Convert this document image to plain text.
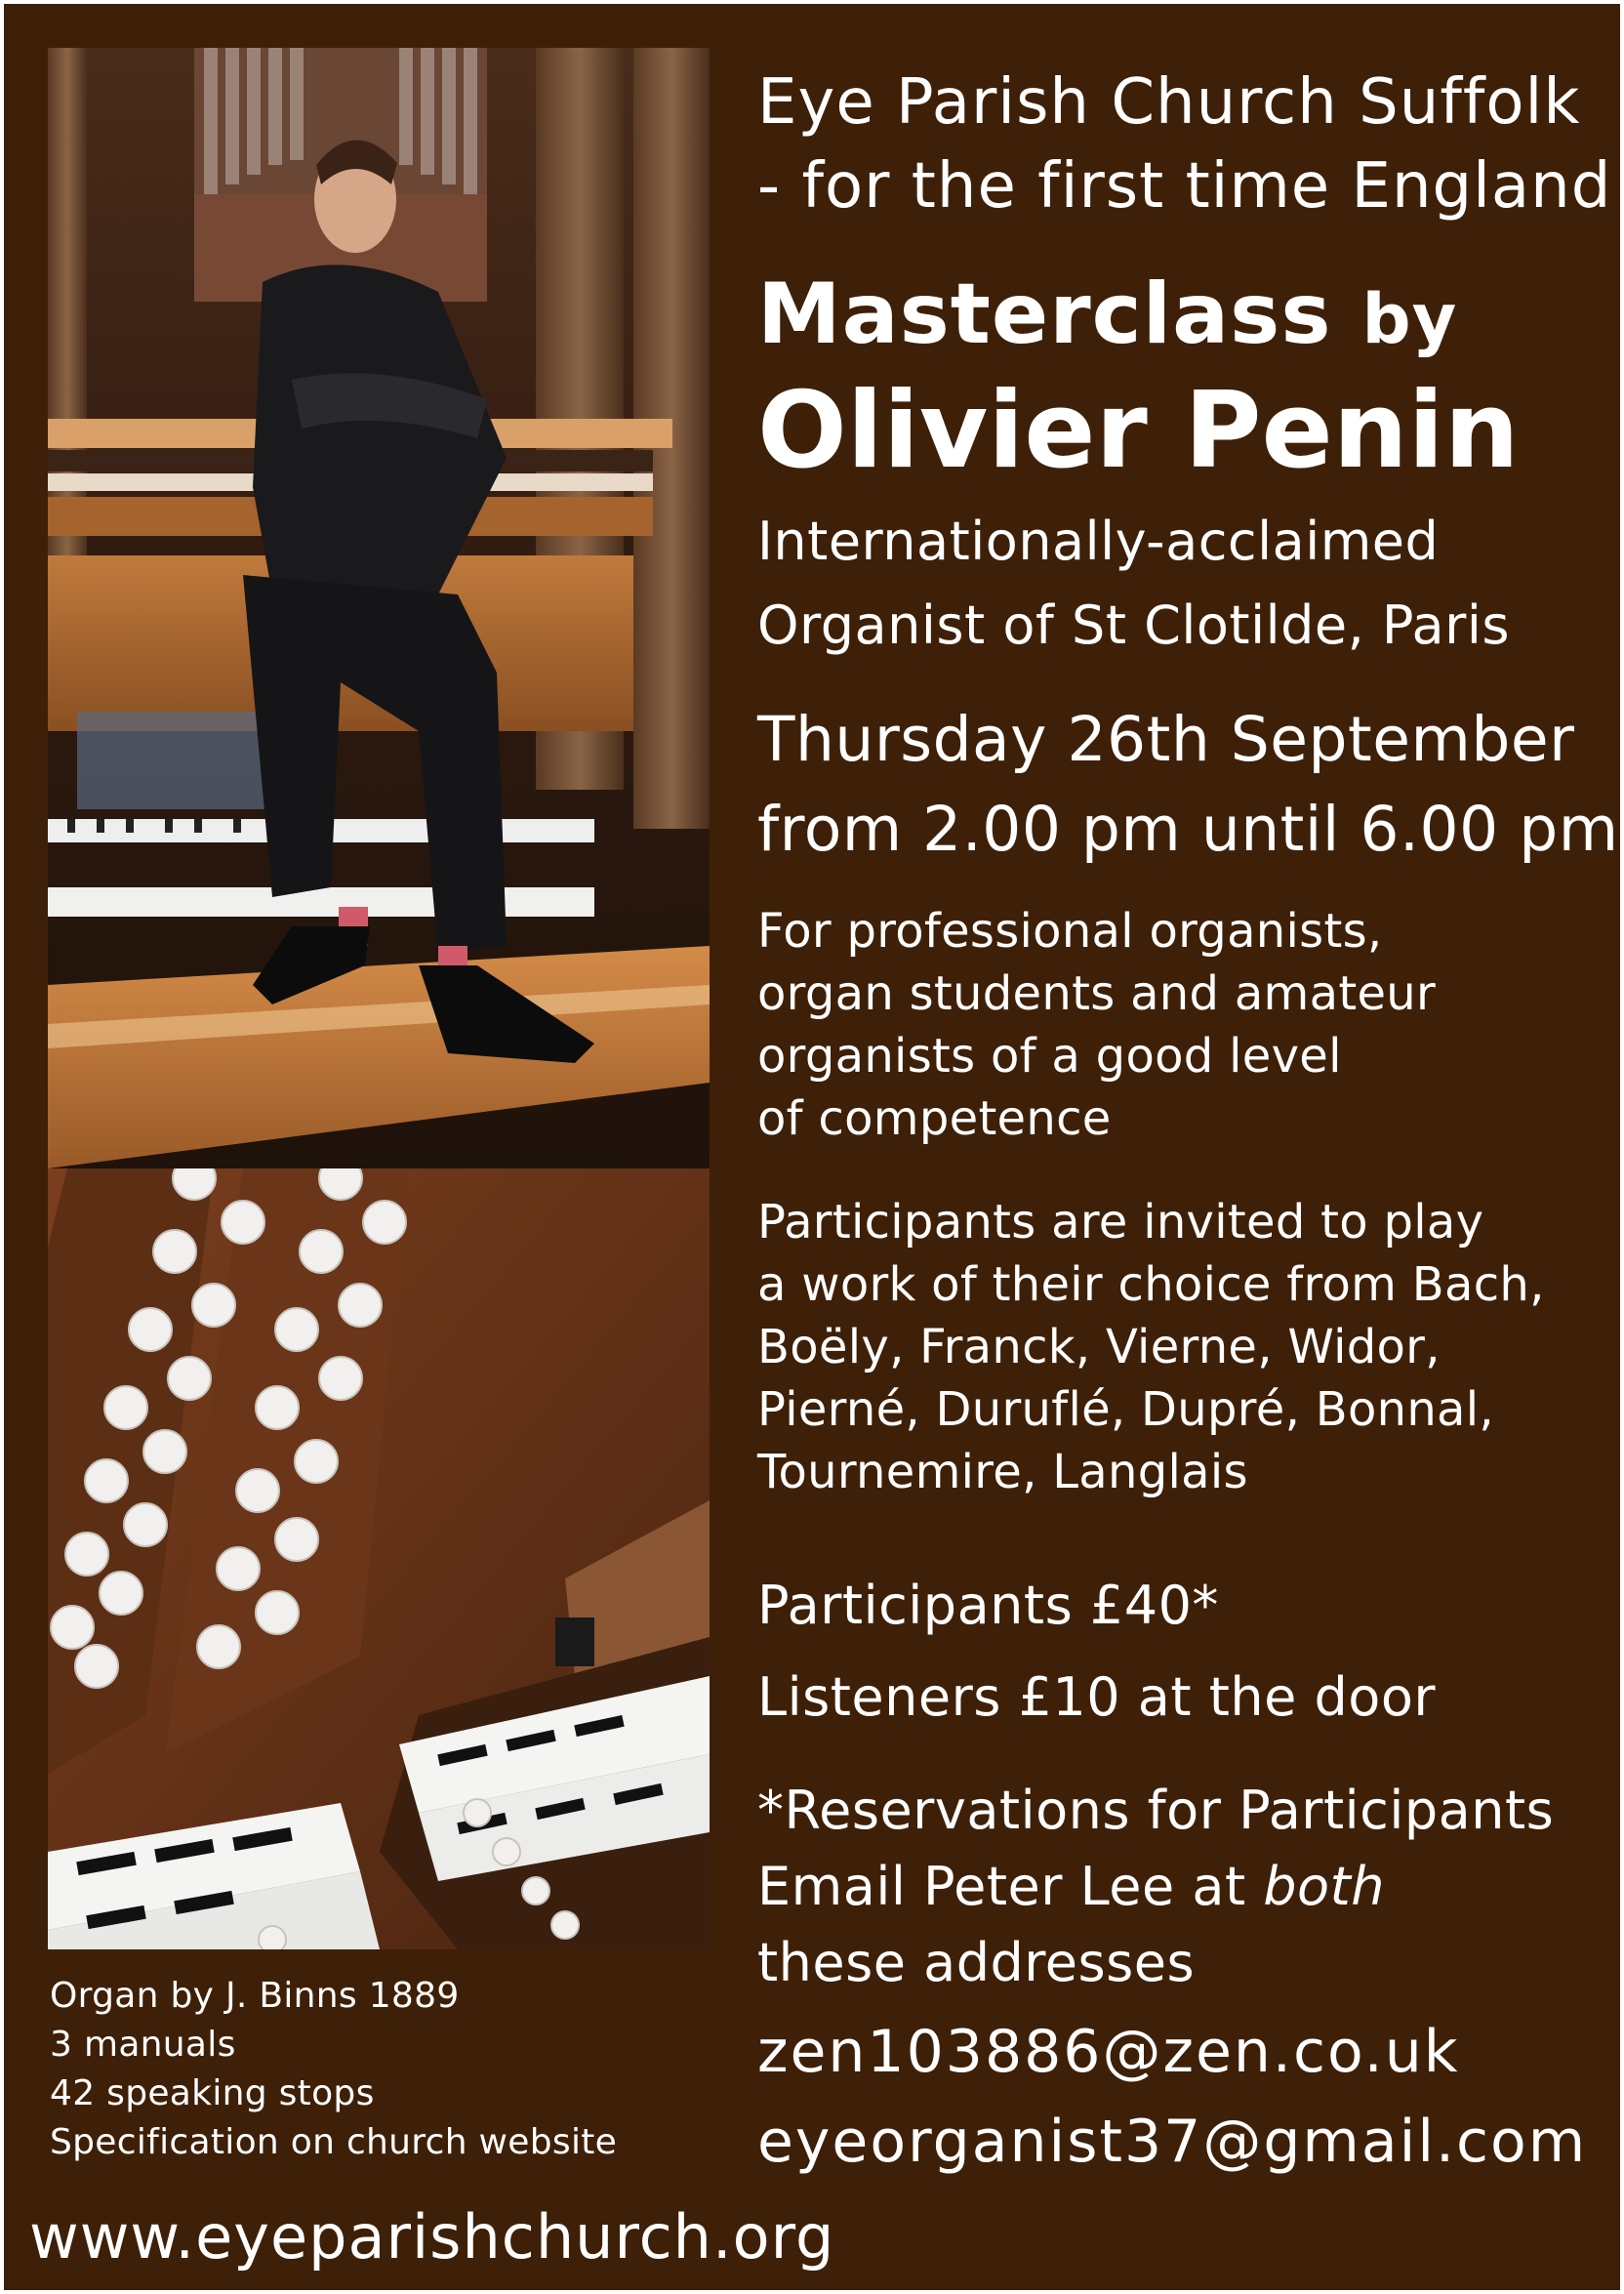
Eye Parish Church Suffolk
- for the first time England
Masterclass by
Olivier Penin
Internationally-acclaimed
Organist of St Clotilde, Paris
Thursday 26th September
from 2.00 pm until 6.00 pm
For professional organists,
organ students and amateur
organists of a good level
of competence
Participants are invited to play
a work of their choice from Bach,
Boëly, Franck, Vierne, Widor,
Pierné, Duruflé, Dupré, Bonnal,
Tournemire, Langlais
Participants £40*
Listeners £10 at the door
*Reservations for Participants
Email Peter Lee at both
these addresses
zen103886@zen.co.uk
eyeorganist37@gmail.com
Organ by J. Binns 1889
3 manuals
42 speaking stops
Specification on church website
www.eyeparishchurch.org
